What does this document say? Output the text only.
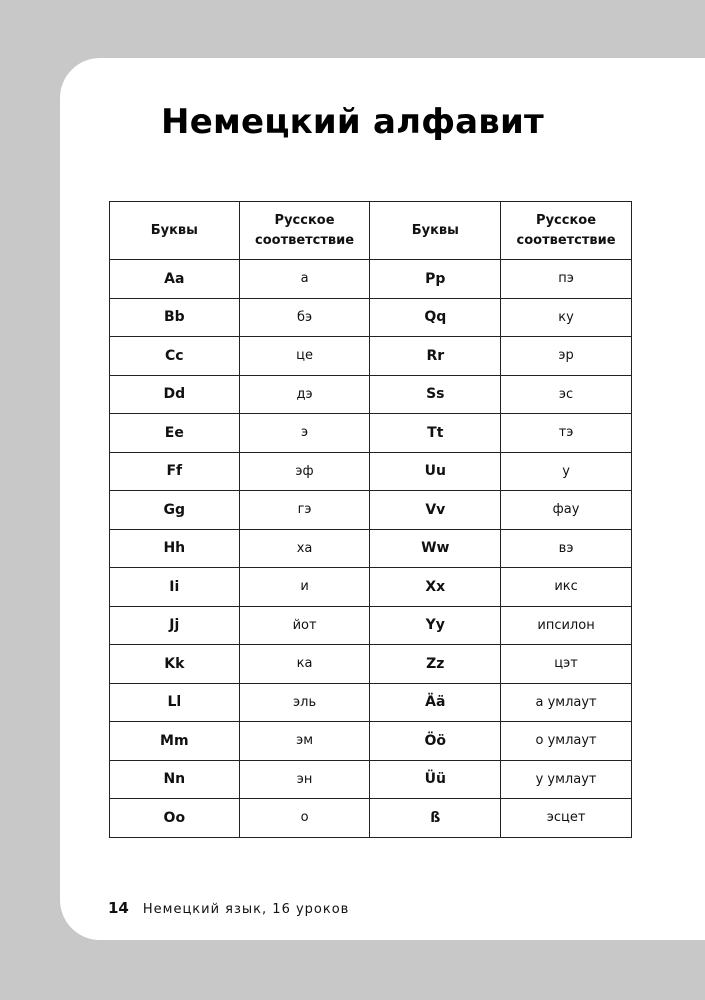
Немецкий алфавит
Буквы	Русское соответствие	Буквы	Русское соответствие
Aa	а	Pp	пэ
Bb	бэ	Qq	ку
Cc	це	Rr	эр
Dd	дэ	Ss	эс
Ee	э	Tt	тэ
Ff	эф	Uu	у
Gg	гэ	Vv	фау
Hh	ха	Ww	вэ
Ii	и	Xx	икс
Jj	йот	Yy	ипсилон
Kk	ка	Zz	цэт
Ll	эль	Ää	а умлаут
Mm	эм	Öö	о умлаут
Nn	эн	Üü	у умлаут
Oo	о	ß	эсцет
14 Немецкий язык, 16 уроков
